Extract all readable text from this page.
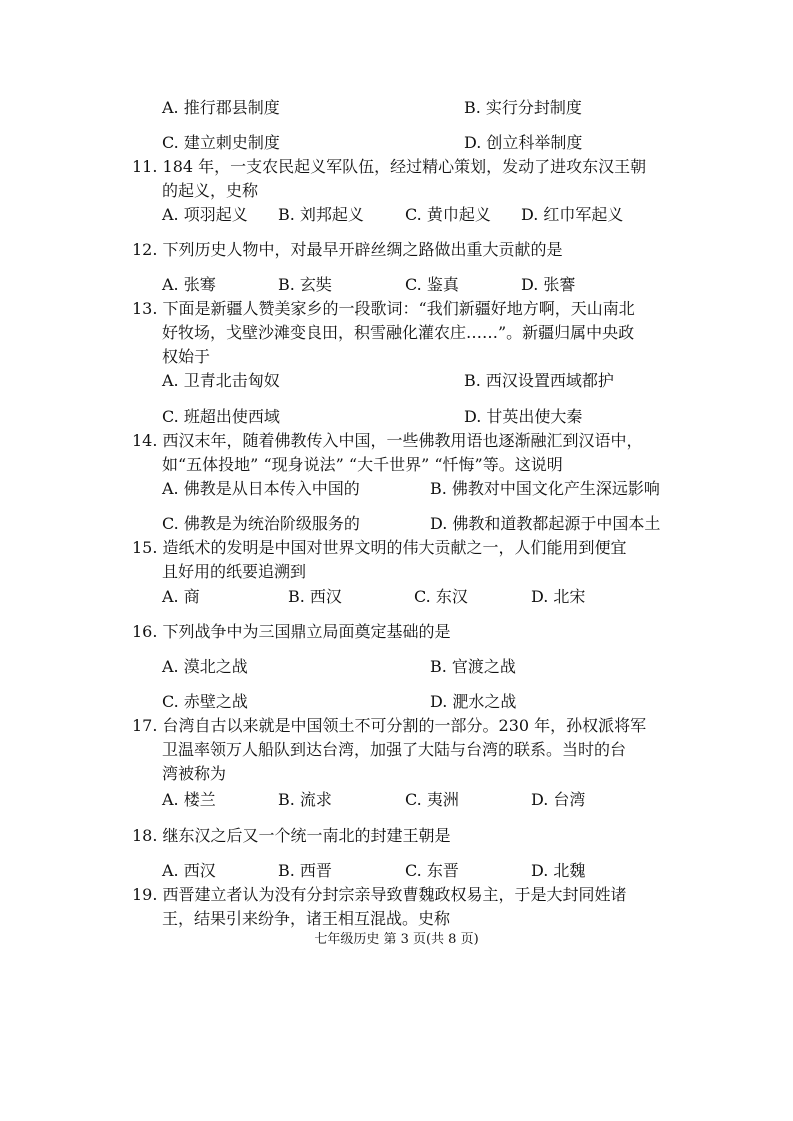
A. 推行郡县制度	B. 实行分封制度
C. 建立刺史制度	D. 创立科举制度
11. 184 年，一支农民起义军队伍，经过精心策划，发动了进攻东汉王朝
的起义，史称
A. 项羽起义 B. 刘邦起义	C. 黄巾起义 D. 红巾军起义
12. 下列历史人物中，对最早开辟丝绸之路做出重大贡献的是
A. 张骞	B. 玄奘	C. 鉴真	D. 张謇
13. 下面是新疆人赞美家乡的一段歌词：“我们新疆好地方啊，天山南北
好牧场，戈壁沙滩变良田，积雪融化灌农庄……”。新疆归属中央政
权始于
A. 卫青北击匈奴	B. 西汉设置西域都护
C. 班超出使西域	D. 甘英出使大秦
14. 西汉末年，随着佛教传入中国，一些佛教用语也逐渐融汇到汉语中，
如“五体投地” “现身说法” “大千世界” “忏悔”等。这说明
A. 佛教是从日本传入中国的	B. 佛教对中国文化产生深远影响
C. 佛教是为统治阶级服务的	D. 佛教和道教都起源于中国本土
15. 造纸术的发明是中国对世界文明的伟大贡献之一，人们能用到便宜
且好用的纸要追溯到
A. 商	B. 西汉	C. 东汉	D. 北宋
16. 下列战争中为三国鼎立局面奠定基础的是
A. 漠北之战	B. 官渡之战
C. 赤壁之战	D. 淝水之战
17. 台湾自古以来就是中国领土不可分割的一部分。230 年，孙权派将军
卫温率领万人船队到达台湾，加强了大陆与台湾的联系。当时的台
湾被称为
A. 楼兰	B. 流求	C. 夷洲	D. 台湾
18. 继东汉之后又一个统一南北的封建王朝是
A. 西汉	B. 西晋	C. 东晋	D. 北魏
19. 西晋建立者认为没有分封宗亲导致曹魏政权易主，于是大封同姓诸
王，结果引来纷争，诸王相互混战。史称
七年级历史 第 3 页(共 8 页)
